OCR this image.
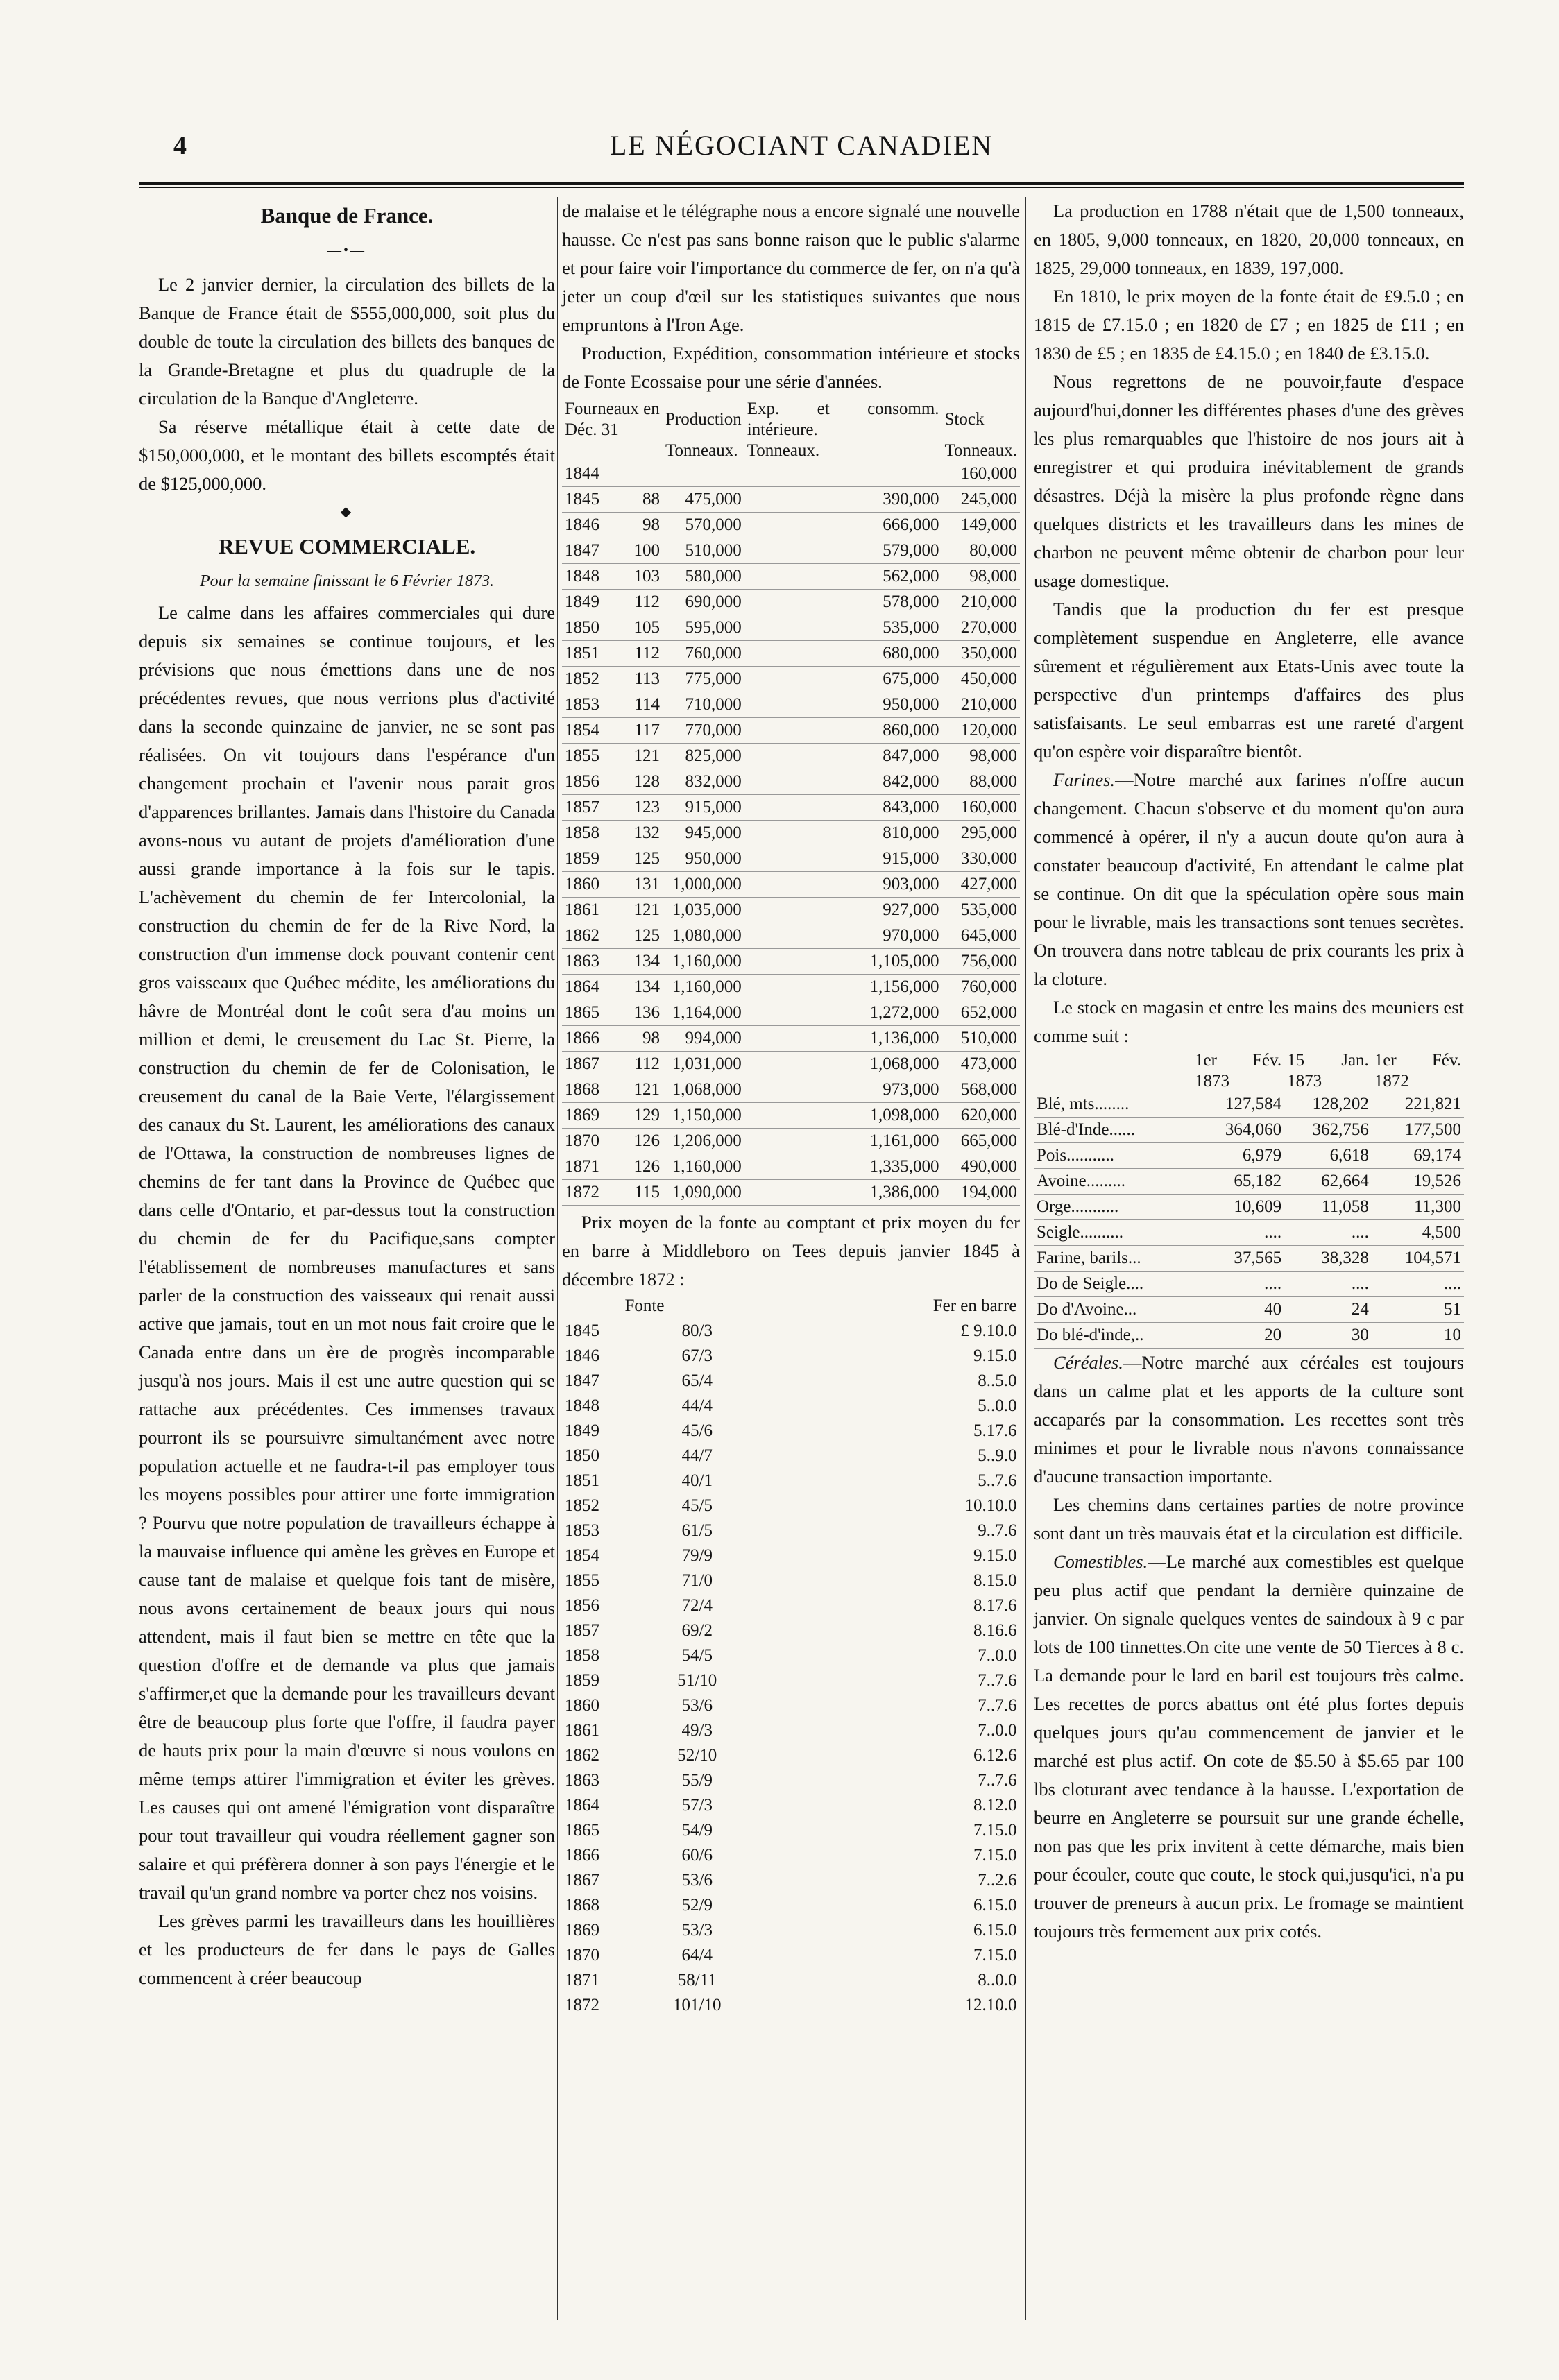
4	LE NÉGOCIANT CANADIEN
Banque de France.
—•—

Le 2 janvier dernier, la circulation des billets de la Banque de France était de $555,000,000, soit plus du double de toute la circulation des billets des banques de la Grande-Bretagne et plus du quadruple de la circulation de la Banque d'Angleterre.

Sa réserve métallique était à cette date de $150,000,000, et le montant des billets escomptés était de $125,000,000.

———◆———
REVUE COMMERCIALE.
Pour la semaine finissant le 6 Février 1873.

Le calme dans les affaires commerciales qui dure depuis six semaines se continue toujours, et les prévisions que nous émettions dans une de nos précédentes revues, que nous verrions plus d'activité dans la seconde quinzaine de janvier, ne se sont pas réalisées. On vit toujours dans l'espérance d'un changement prochain et l'avenir nous parait gros d'apparences brillantes. Jamais dans l'histoire du Canada avons-nous vu autant de projets d'amélioration d'une aussi grande importance à la fois sur le tapis. L'achèvement du chemin de fer Intercolonial, la construction du chemin de fer de la Rive Nord, la construction d'un immense dock pouvant contenir cent gros vaisseaux que Québec médite, les améliorations du hâvre de Montréal dont le coût sera d'au moins un million et demi, le creusement du Lac St. Pierre, la construction du chemin de fer de Colonisation, le creusement du canal de la Baie Verte, l'élargissement des canaux du St. Laurent, les améliorations des canaux de l'Ottawa, la construction de nombreuses lignes de chemins de fer tant dans la Province de Québec que dans celle d'Ontario, et par-dessus tout la construction du chemin de fer du Pacifique,sans compter l'établissement de nombreuses manufactures et sans parler de la construction des vaisseaux qui renait aussi active que jamais, tout en un mot nous fait croire que le Canada entre dans un ère de progrès incomparable jusqu'à nos jours. Mais il est une autre question qui se rattache aux précédentes. Ces immenses travaux pourront ils se poursuivre simultanément avec notre population actuelle et ne faudra-t-il pas employer tous les moyens possibles pour attirer une forte immigration ? Pourvu que notre population de travailleurs échappe à la mauvaise influence qui amène les grèves en Europe et cause tant de malaise et quelque fois tant de misère, nous avons certainement de beaux jours qui nous attendent, mais il faut bien se mettre en tête que la question d'offre et de demande va plus que jamais s'affirmer,et que la demande pour les travailleurs devant être de beaucoup plus forte que l'offre, il faudra payer de hauts prix pour la main d'œuvre si nous voulons en même temps attirer l'immigration et éviter les grèves. Les causes qui ont amené l'émigration vont disparaître pour tout travailleur qui voudra réellement gagner son salaire et qui préfèrera donner à son pays l'énergie et le travail qu'un grand nombre va porter chez nos voisins.

Les grèves parmi les travailleurs dans les houillières et les producteurs de fer dans le pays de Galles commencent à créer beaucoup

de malaise et le télégraphe nous a encore signalé une nouvelle hausse. Ce n'est pas sans bonne raison que le public s'alarme et pour faire voir l'importance du commerce de fer, on n'a qu'à jeter un coup d'œil sur les statistiques suivantes que nous empruntons à l'Iron Age.

Production, Expédition, consommation intérieure et stocks de Fonte Ecossaise pour une série d'années.

Fourneaux en Déc. 31		Production	Exp. et consomm. intérieure.	Stock
		Tonneaux.	Tonneaux.	Tonneaux.
1844				160,000
1845	88	475,000	390,000	245,000
1846	98	570,000	666,000	149,000
1847	100	510,000	579,000	80,000
1848	103	580,000	562,000	98,000
1849	112	690,000	578,000	210,000
1850	105	595,000	535,000	270,000
1851	112	760,000	680,000	350,000
1852	113	775,000	675,000	450,000
1853	114	710,000	950,000	210,000
1854	117	770,000	860,000	120,000
1855	121	825,000	847,000	98,000
1856	128	832,000	842,000	88,000
1857	123	915,000	843,000	160,000
1858	132	945,000	810,000	295,000
1859	125	950,000	915,000	330,000
1860	131	1,000,000	903,000	427,000
1861	121	1,035,000	927,000	535,000
1862	125	1,080,000	970,000	645,000
1863	134	1,160,000	1,105,000	756,000
1864	134	1,160,000	1,156,000	760,000
1865	136	1,164,000	1,272,000	652,000
1866	98	994,000	1,136,000	510,000
1867	112	1,031,000	1,068,000	473,000
1868	121	1,068,000	973,000	568,000
1869	129	1,150,000	1,098,000	620,000
1870	126	1,206,000	1,161,000	665,000
1871	126	1,160,000	1,335,000	490,000
1872	115	1,090,000	1,386,000	194,000

Prix moyen de la fonte au comptant et prix moyen du fer en barre à Middleboro on Tees depuis janvier 1845 à décembre 1872 :

	Fonte	Fer en barre
1845	80/3	£ 9.10.0
1846	67/3	9.15.0
1847	65/4	8..5.0
1848	44/4	5..0.0
1849	45/6	5.17.6
1850	44/7	5..9.0
1851	40/1	5..7.6
1852	45/5	10.10.0
1853	61/5	9..7.6
1854	79/9	9.15.0
1855	71/0	8.15.0
1856	72/4	8.17.6
1857	69/2	8.16.6
1858	54/5	7..0.0
1859	51/10	7..7.6
1860	53/6	7..7.6
1861	49/3	7..0.0
1862	52/10	6.12.6
1863	55/9	7..7.6
1864	57/3	8.12.0
1865	54/9	7.15.0
1866	60/6	7.15.0
1867	53/6	7..2.6
1868	52/9	6.15.0
1869	53/3	6.15.0
1870	64/4	7.15.0
1871	58/11	8..0.0
1872	101/10	12.10.0

La production en 1788 n'était que de 1,500 tonneaux, en 1805, 9,000 tonneaux, en 1820, 20,000 tonneaux, en 1825, 29,000 tonneaux, en 1839, 197,000.

En 1810, le prix moyen de la fonte était de £9.5.0 ; en 1815 de £7.15.0 ; en 1820 de £7 ; en 1825 de £11 ; en 1830 de £5 ; en 1835 de £4.15.0 ; en 1840 de £3.15.0.

Nous regrettons de ne pouvoir,faute d'espace aujourd'hui,donner les différentes phases d'une des grèves les plus remarquables que l'histoire de nos jours ait à enregistrer et qui produira inévitablement de grands désastres. Déjà la misère la plus profonde règne dans quelques districts et les travailleurs dans les mines de charbon ne peuvent même obtenir de charbon pour leur usage domestique.

Tandis que la production du fer est presque complètement suspendue en Angleterre, elle avance sûrement et régulièrement aux Etats-Unis avec toute la perspective d'un printemps d'affaires des plus satisfaisants. Le seul embarras est une rareté d'argent qu'on espère voir disparaître bientôt.

Farines.—Notre marché aux farines n'offre aucun changement. Chacun s'observe et du moment qu'on aura commencé à opérer, il n'y a aucun doute qu'on aura à constater beaucoup d'activité, En attendant le calme plat se continue. On dit que la spéculation opère sous main pour le livrable, mais les transactions sont tenues secrètes. On trouvera dans notre tableau de prix courants les prix à la cloture.

Le stock en magasin et entre les mains des meuniers est comme suit :

	1er Fév. 1873	15 Jan. 1873	1er Fév. 1872
Blé, mts........	127,584	128,202	221,821
Blé-d'Inde......	364,060	362,756	177,500
Pois...........	6,979	6,618	69,174
Avoine.........	65,182	62,664	19,526
Orge...........	10,609	11,058	11,300
Seigle..........	....	....	4,500
Farine, barils...	37,565	38,328	104,571
Do de Seigle....	....	....	....
Do d'Avoine...	40	24	51
Do blé-d'inde,..	20	30	10

Céréales.—Notre marché aux céréales est toujours dans un calme plat et les apports de la culture sont accaparés par la consommation. Les recettes sont très minimes et pour le livrable nous n'avons connaissance d'aucune transaction importante.

Les chemins dans certaines parties de notre province sont dant un très mauvais état et la circulation est difficile.

Comestibles.—Le marché aux comestibles est quelque peu plus actif que pendant la dernière quinzaine de janvier. On signale quelques ventes de saindoux à 9 c par lots de 100 tinnettes.On cite une vente de 50 Tierces à 8 c. La demande pour le lard en baril est toujours très calme. Les recettes de porcs abattus ont été plus fortes depuis quelques jours qu'au commencement de janvier et le marché est plus actif. On cote de $5.50 à $5.65 par 100 lbs cloturant avec tendance à la hausse. L'exportation de beurre en Angleterre se poursuit sur une grande échelle, non pas que les prix invitent à cette démarche, mais bien pour écouler, coute que coute, le stock qui,jusqu'ici, n'a pu trouver de preneurs à aucun prix. Le fromage se maintient toujours très fermement aux prix cotés.
